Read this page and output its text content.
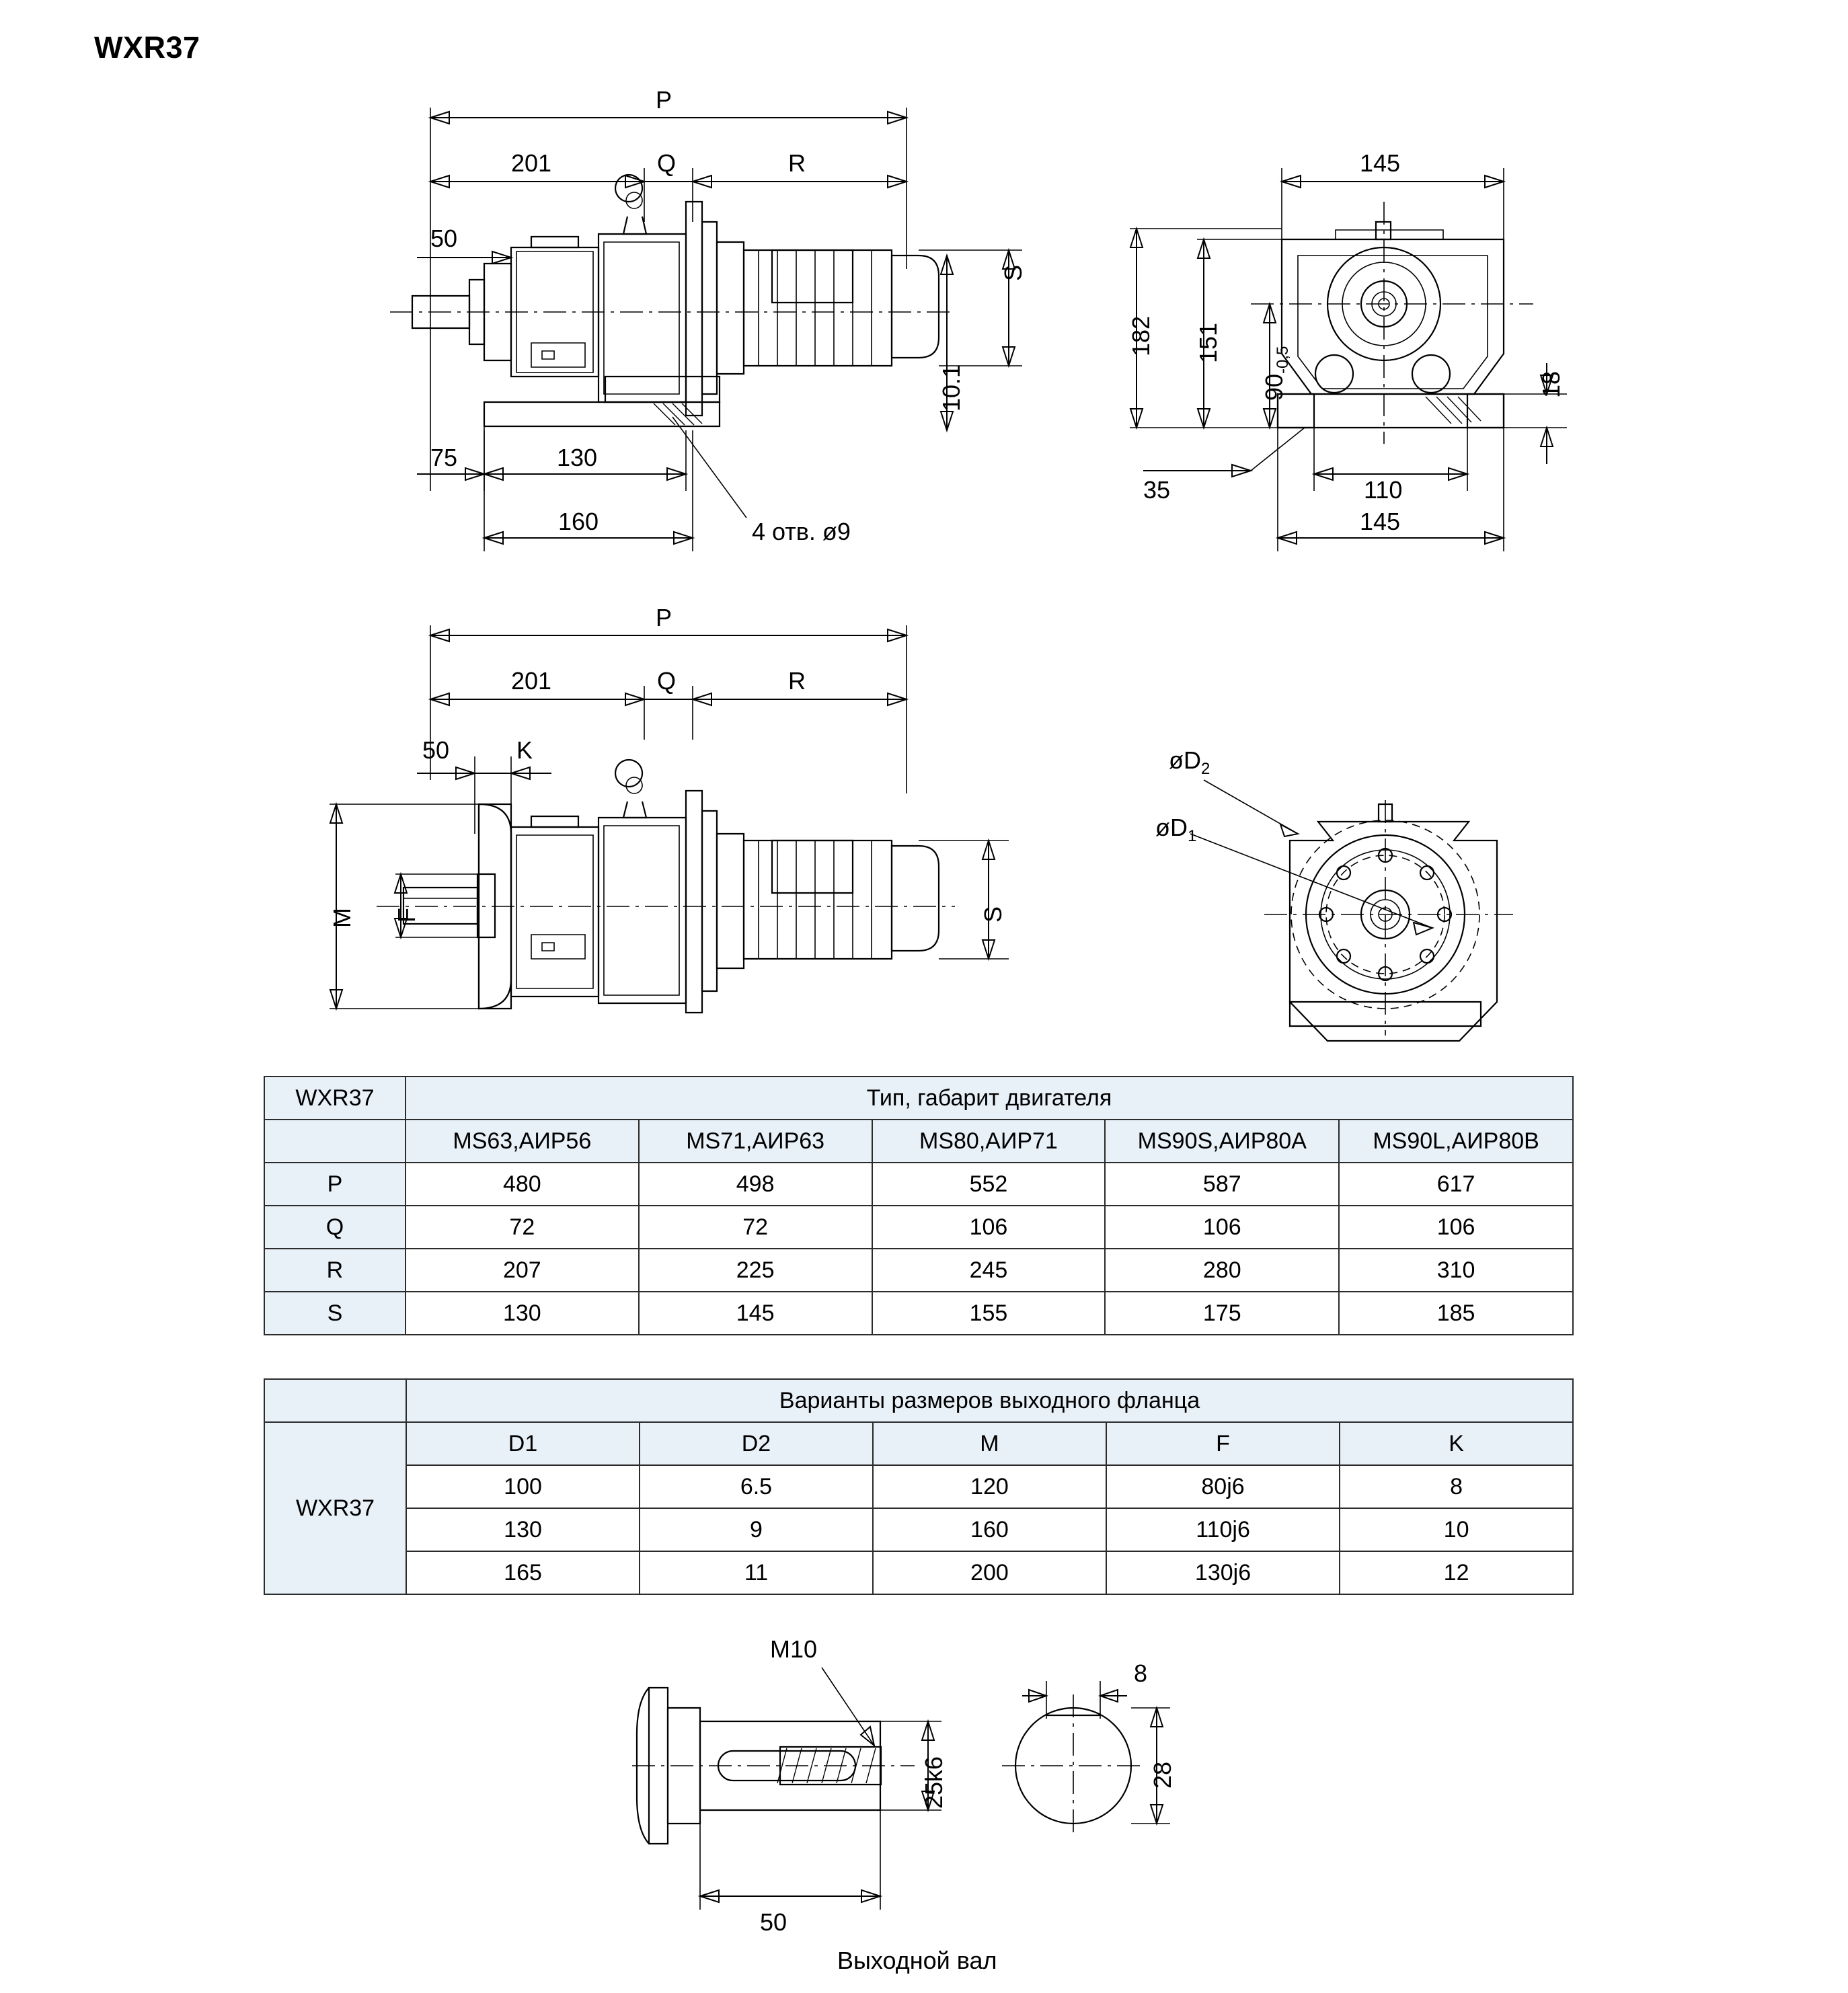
WXR37
P
201	Q	R
50
S
10.1
75	130
160	4 отв. ø9
145
182 151
$90_{-0,5}$
18
35	110
145
P
201	Q	R
50	K
M F	S
$øD_2$
$øD_1$
M10
25k6
50
8
28
Выходной вал
WXR37	Тип, габарит двигателя				
	MS63,АИР56	MS71,АИР63	MS80,АИР71	MS90S,АИР80A	MS90L,АИР80B
P	480	498	552	587	617
Q	72	72	106	106	106
R	207	225	245	280	310
S	130	145	155	175	185
	Варианты размеров выходного фланца				
WXR37	D1	D2	M	F	K
	100	6.5	120	80j6	8
	130	9	160	110j6	10
	165	11	200	130j6	12
